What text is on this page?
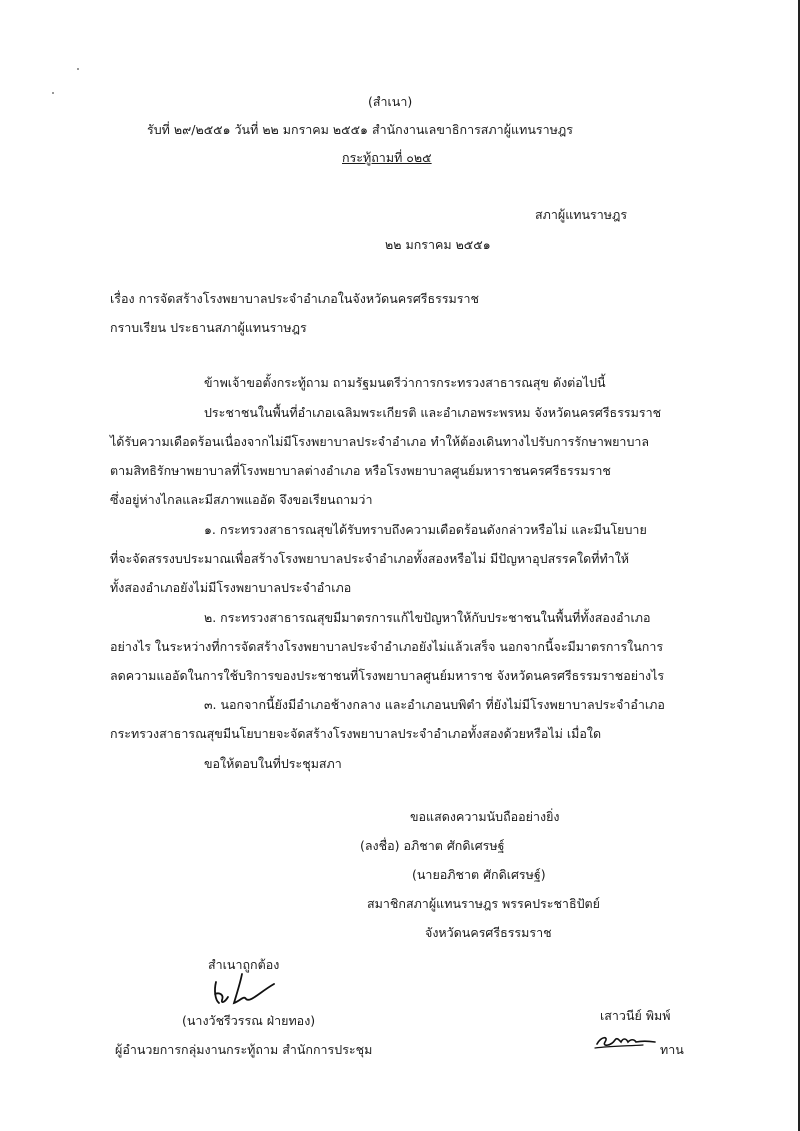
(สำเนา)
รับที่ ๒๙/๒๕๕๑ วันที่ ๒๒ มกราคม ๒๕๕๑ สำนักงานเลขาธิการสภาผู้แทนราษฎร
กระทู้ถามที่ ๐๒๕
สภาผู้แทนราษฎร
๒๒ มกราคม ๒๕๕๑
เรื่อง การจัดสร้างโรงพยาบาลประจำอำเภอในจังหวัดนครศรีธรรมราช
กราบเรียน ประธานสภาผู้แทนราษฎร
ข้าพเจ้าขอตั้งกระทู้ถาม ถามรัฐมนตรีว่าการกระทรวงสาธารณสุข ดังต่อไปนี้
ประชาชนในพื้นที่อำเภอเฉลิมพระเกียรติ และอำเภอพระพรหม จังหวัดนครศรีธรรมราช
ได้รับความเดือดร้อนเนื่องจากไม่มีโรงพยาบาลประจำอำเภอ ทำให้ต้องเดินทางไปรับการรักษาพยาบาล
ตามสิทธิรักษาพยาบาลที่โรงพยาบาลต่างอำเภอ หรือโรงพยาบาลศูนย์มหาราชนครศรีธรรมราช
ซึ่งอยู่ห่างไกลและมีสภาพแออัด จึงขอเรียนถามว่า
๑. กระทรวงสาธารณสุขได้รับทราบถึงความเดือดร้อนดังกล่าวหรือไม่ และมีนโยบาย
ที่จะจัดสรรงบประมาณเพื่อสร้างโรงพยาบาลประจำอำเภอทั้งสองหรือไม่ มีปัญหาอุปสรรคใดที่ทำให้
ทั้งสองอำเภอยังไม่มีโรงพยาบาลประจำอำเภอ
๒. กระทรวงสาธารณสุขมีมาตรการแก้ไขปัญหาให้กับประชาชนในพื้นที่ทั้งสองอำเภอ
อย่างไร ในระหว่างที่การจัดสร้างโรงพยาบาลประจำอำเภอยังไม่แล้วเสร็จ นอกจากนี้จะมีมาตรการในการ
ลดความแออัดในการใช้บริการของประชาชนที่โรงพยาบาลศูนย์มหาราช จังหวัดนครศรีธรรมราชอย่างไร
๓. นอกจากนี้ยังมีอำเภอช้างกลาง และอำเภอนบพิตำ ที่ยังไม่มีโรงพยาบาลประจำอำเภอ
กระทรวงสาธารณสุขมีนโยบายจะจัดสร้างโรงพยาบาลประจำอำเภอทั้งสองด้วยหรือไม่ เมื่อใด
ขอให้ตอบในที่ประชุมสภา
ขอแสดงความนับถืออย่างยิ่ง
(ลงชื่อ) อภิชาต ศักดิเศรษฐ์
(นายอภิชาต ศักดิเศรษฐ์)
สมาชิกสภาผู้แทนราษฎร พรรคประชาธิปัตย์
จังหวัดนครศรีธรรมราช
สำเนาถูกต้อง
(นางวัชรีวรรณ ฝ่ายทอง)
ผู้อำนวยการกลุ่มงานกระทู้ถาม สำนักการประชุม
เสาวนีย์ พิมพ์
ทาน
